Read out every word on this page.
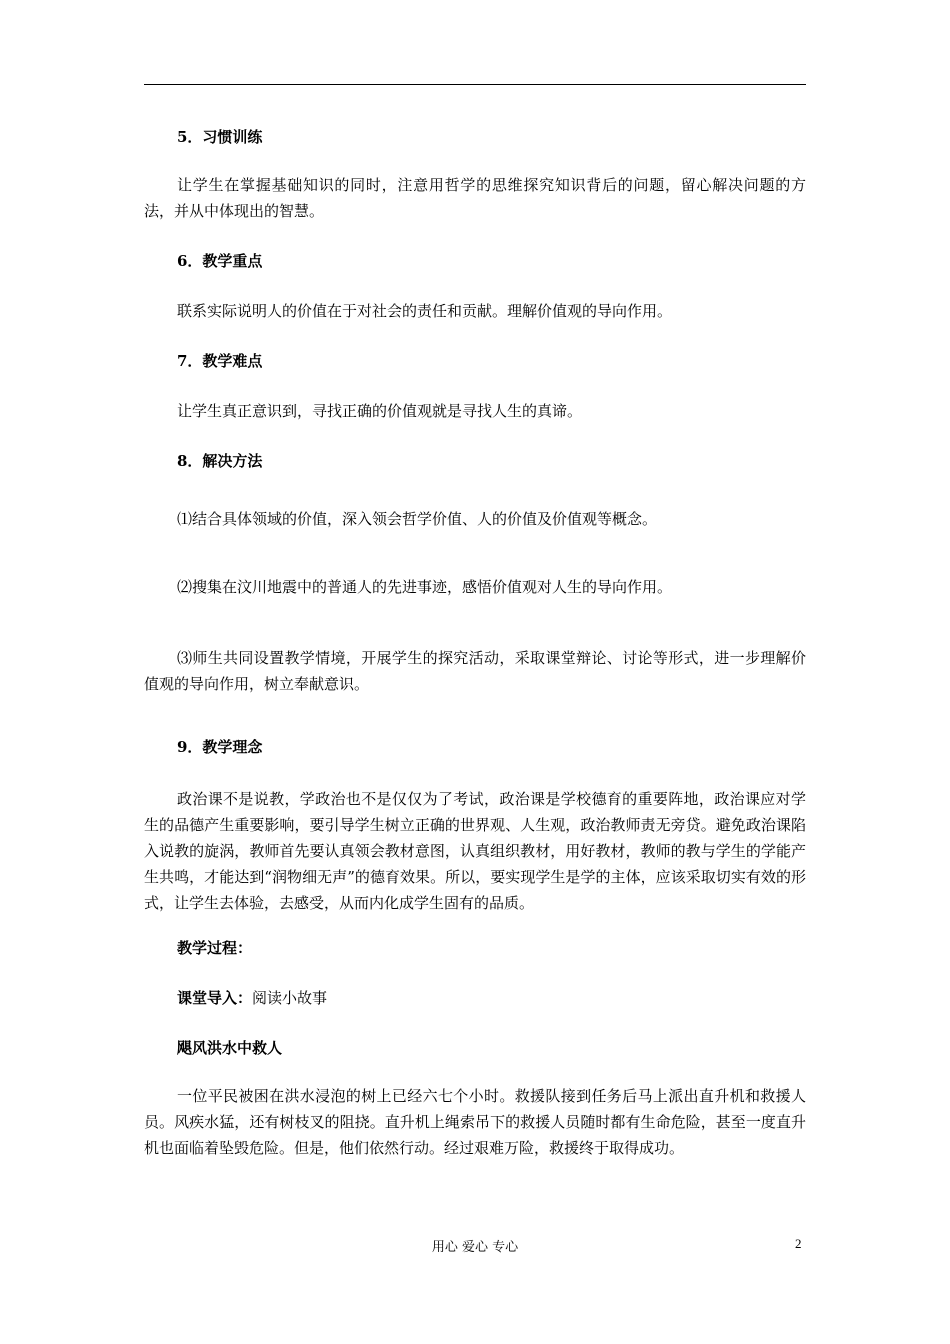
5．习惯训练
让学生在掌握基础知识的同时，注意用哲学的思维探究知识背后的问题，留心解决问题的方法，并从中体现出的智慧。
6．教学重点
联系实际说明人的价值在于对社会的责任和贡献。理解价值观的导向作用。
7．教学难点
让学生真正意识到，寻找正确的价值观就是寻找人生的真谛。
8．解决方法
⑴结合具体领域的价值，深入领会哲学价值、人的价值及价值观等概念。
⑵搜集在汶川地震中的普通人的先进事迹，感悟价值观对人生的导向作用。
⑶师生共同设置教学情境，开展学生的探究活动，采取课堂辩论、讨论等形式，进一步理解价值观的导向作用，树立奉献意识。
9．教学理念
政治课不是说教，学政治也不是仅仅为了考试，政治课是学校德育的重要阵地，政治课应对学生的品德产生重要影响，要引导学生树立正确的世界观、人生观，政治教师责无旁贷。避免政治课陷入说教的旋涡，教师首先要认真领会教材意图，认真组织教材，用好教材，教师的教与学生的学能产生共鸣，才能达到“润物细无声”的德育效果。所以，要实现学生是学的主体，应该采取切实有效的形式，让学生去体验，去感受，从而内化成学生固有的品质。
教学过程：
课堂导入：阅读小故事
飓风洪水中救人
一位平民被困在洪水浸泡的树上已经六七个小时。救援队接到任务后马上派出直升机和救援人员。风疾水猛，还有树枝叉的阻挠。直升机上绳索吊下的救援人员随时都有生命危险，甚至一度直升机也面临着坠毁危险。但是，他们依然行动。经过艰难万险，救援终于取得成功。
用心 爱心 专心	2
